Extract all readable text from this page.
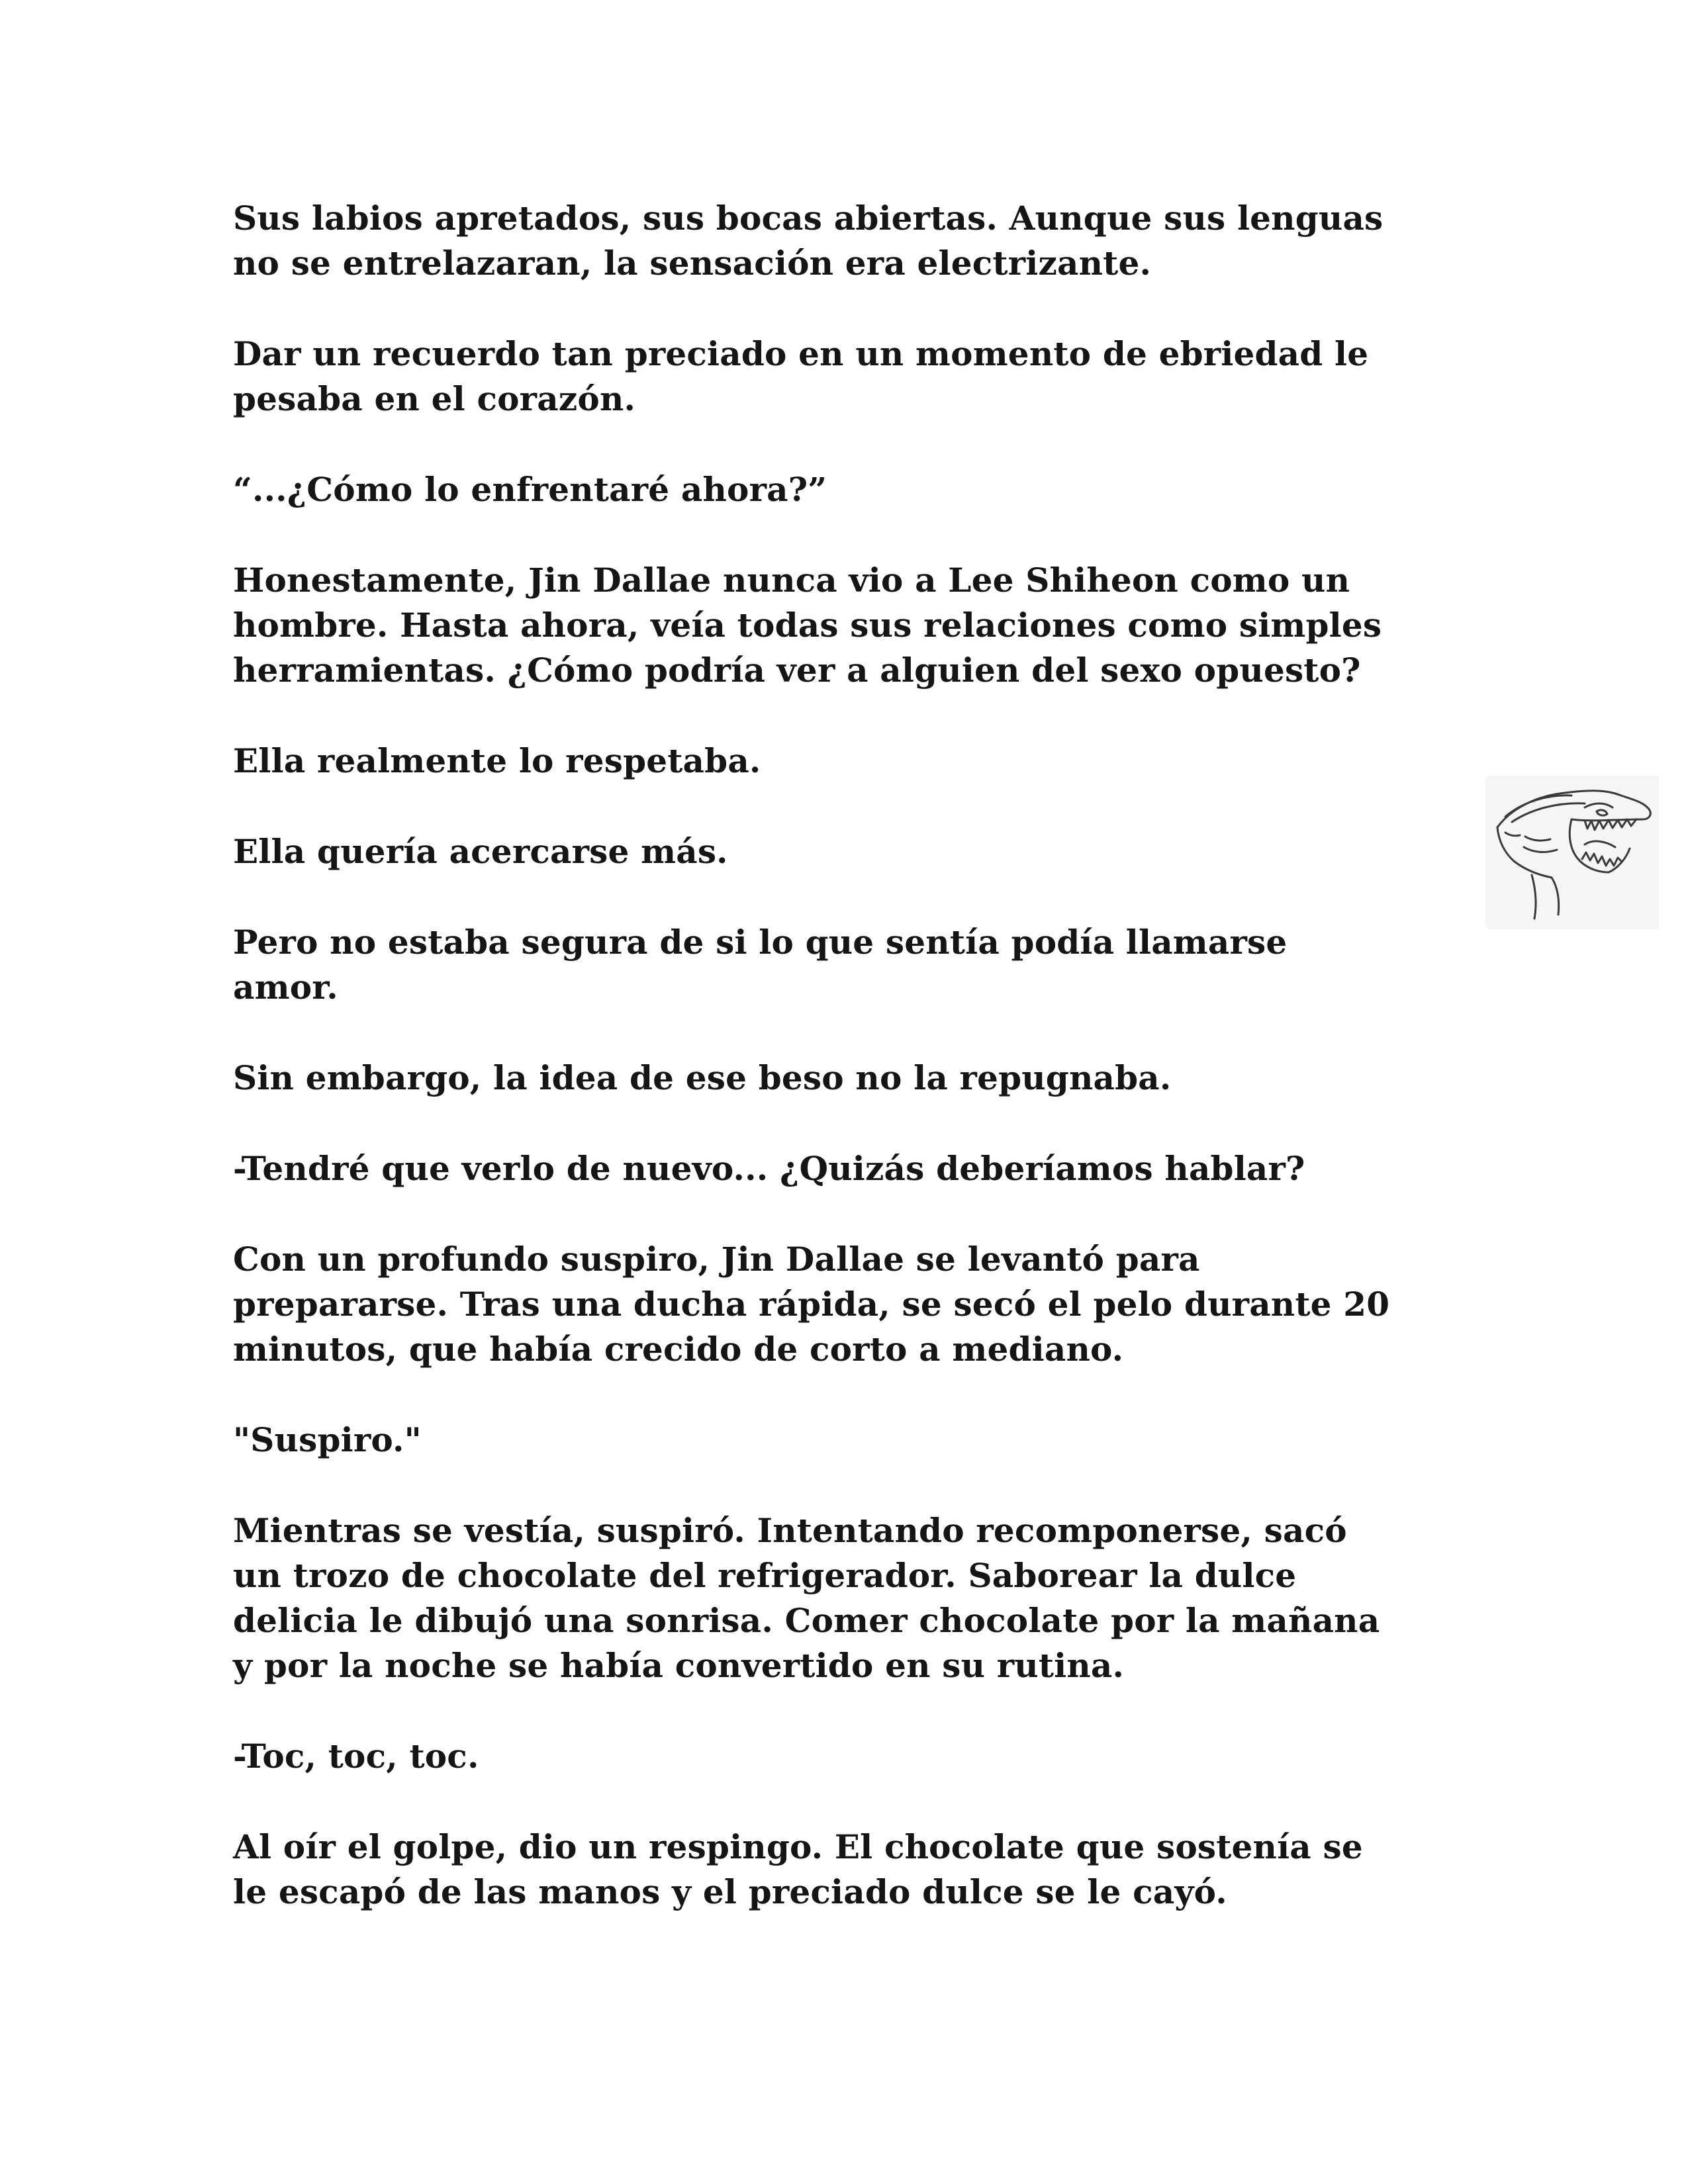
Sus labios apretados, sus bocas abiertas. Aunque sus lenguas
no se entrelazaran, la sensación era electrizante.

Dar un recuerdo tan preciado en un momento de ebriedad le
pesaba en el corazón.

“...¿Cómo lo enfrentaré ahora?”

Honestamente, Jin Dallae nunca vio a Lee Shiheon como un
hombre. Hasta ahora, veía todas sus relaciones como simples
herramientas. ¿Cómo podría ver a alguien del sexo opuesto?

Ella realmente lo respetaba.

Ella quería acercarse más.

Pero no estaba segura de si lo que sentía podía llamarse
amor.

Sin embargo, la idea de ese beso no la repugnaba.

-Tendré que verlo de nuevo... ¿Quizás deberíamos hablar?

Con un profundo suspiro, Jin Dallae se levantó para
prepararse. Tras una ducha rápida, se secó el pelo durante 20
minutos, que había crecido de corto a mediano.

"Suspiro."

Mientras se vestía, suspiró. Intentando recomponerse, sacó
un trozo de chocolate del refrigerador. Saborear la dulce
delicia le dibujó una sonrisa. Comer chocolate por la mañana
y por la noche se había convertido en su rutina.

-Toc, toc, toc.

Al oír el golpe, dio un respingo. El chocolate que sostenía se
le escapó de las manos y el preciado dulce se le cayó.
